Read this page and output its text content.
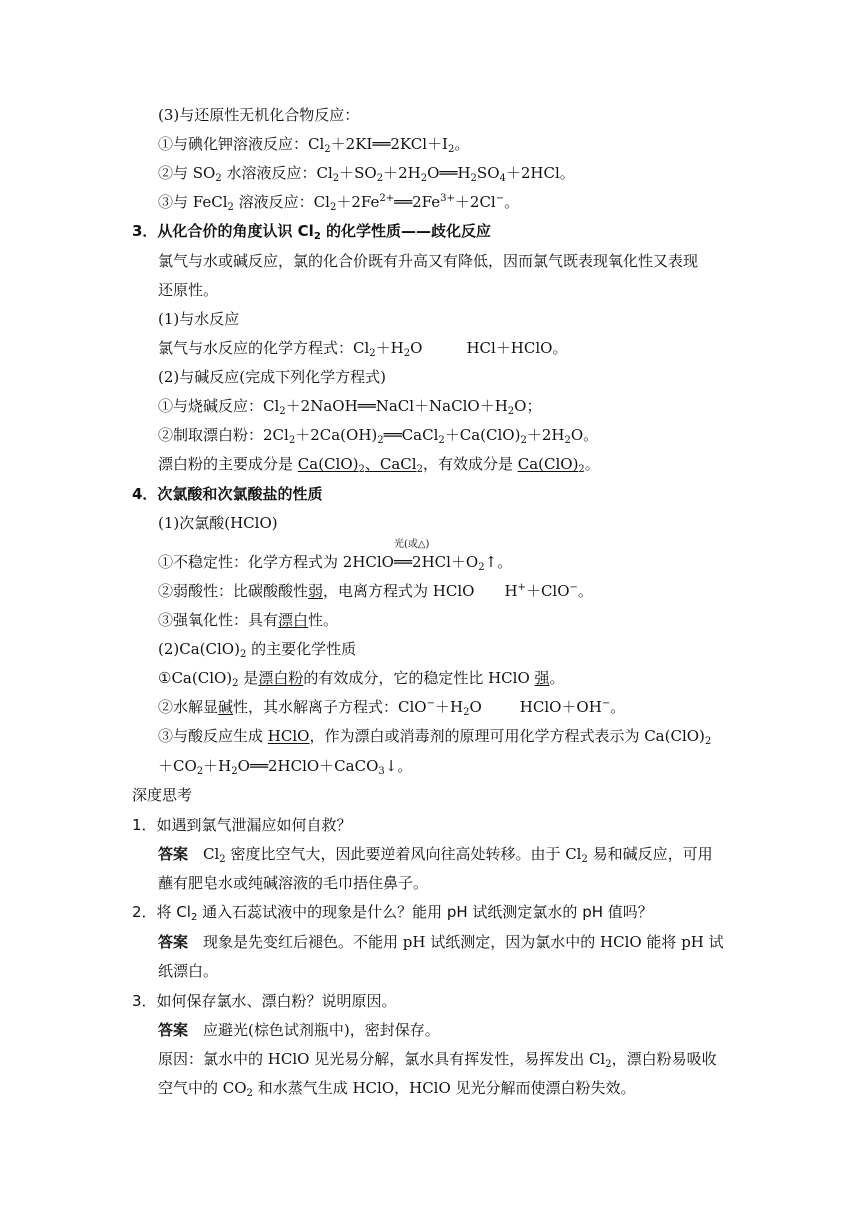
(3)与还原性无机化合物反应：
①与碘化钾溶液反应：$Cl_2+2KI══2KCl+I_2$。
②与 $SO_2$ 水溶液反应：$Cl_2+SO_2+2H_2O══H_2SO_4+2HCl$。
③与 FeCl$_2$ 溶液反应：$Cl_2+2Fe^{2+}══2Fe^{3+}+2Cl^-$。
3．从化合价的角度认识 $Cl_2$ 的化学性质——歧化反应
氯气与水或碱反应，氯的化合价既有升高又有降低，因而氯气既表现氧化性又表现
还原性。
(1)与水反应
氯气与水反应的化学方程式：$Cl_2+H_2O$	HCl＋HClO。
(2)与碱反应(完成下列化学方程式)
①与烧碱反应：$Cl_2+2NaOH══NaCl+NaClO+H_2O$；
②制取漂白粉：$2Cl_2+2Ca(OH)_2══CaCl_2+Ca(ClO)_2+2H_2O$。
漂白粉的主要成分是 $Ca(ClO)_2$、CaCl$_2$，有效成分是 $Ca(ClO)_2$。
4．次氯酸和次氯酸盐的性质
(1)次氯酸(HClO)
①不稳定性：化学方程式为 2HClO
光(或△)
$══2HCl+O_2↑$。
②弱酸性：比碳酸酸性弱，电离方程式为 HClO H+＋ClO−。
③强氧化性：具有漂白性。
$(2)Ca(ClO)_2$ 的主要化学性质
$①Ca(ClO)_2$ 是漂白粉的有效成分，它的稳定性比 HClO 强。
②水解显碱性，其水解离子方程式：$ClO^-+H_2O$	HClO＋OH−。
③与酸反应生成 HClO，作为漂白或消毒剂的原理可用化学方程式表示为 $Ca(ClO)_2$
$+CO_2+H_2O══2HClO+CaCO_3↓$。
深度思考
1．如遇到氯气泄漏应如何自救？
答案　$Cl_2$ 密度比空气大，因此要逆着风向往高处转移。由于 $Cl_2$ 易和碱反应，可用
蘸有肥皂水或纯碱溶液的毛巾捂住鼻子。
2．将 $Cl_2$ 通入石蕊试液中的现象是什么？能用 pH 试纸测定氯水的 pH 值吗？
答案　现象是先变红后褪色。不能用 pH 试纸测定，因为氯水中的 HClO 能将 pH 试
纸漂白。
3．如何保存氯水、漂白粉？说明原因。
答案　应避光(棕色试剂瓶中)，密封保存。
原因：氯水中的 HClO 见光易分解，氯水具有挥发性，易挥发出 $Cl_2$，漂白粉易吸收
空气中的 $CO_2$ 和水蒸气生成 HClO，HClO 见光分解而使漂白粉失效。
